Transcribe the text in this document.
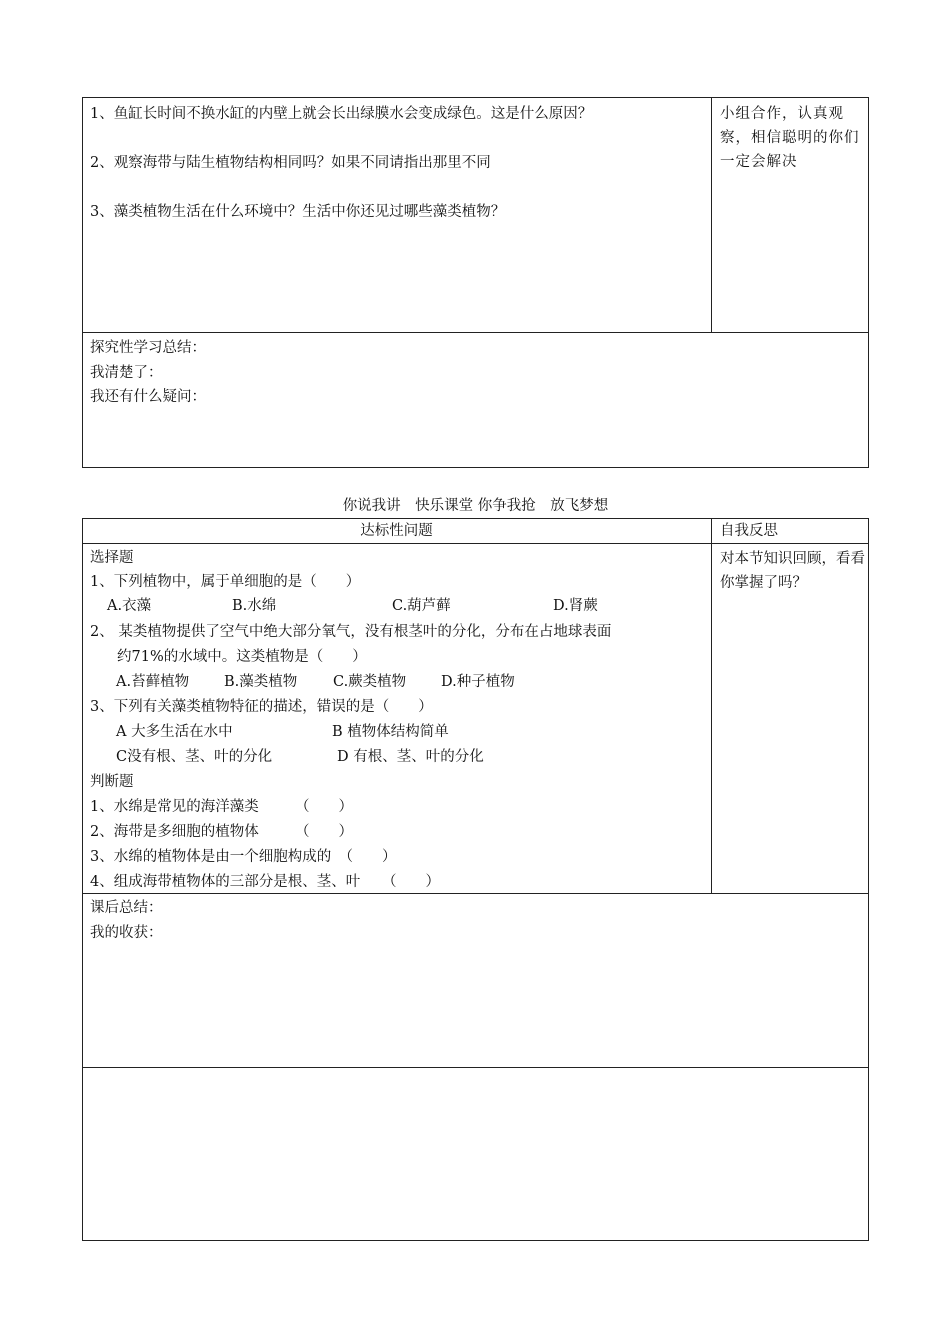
1、鱼缸长时间不换水缸的内壁上就会长出绿膜水会变成绿色。这是什么原因？
2、观察海带与陆生植物结构相同吗？如果不同请指出那里不同
3、藻类植物生活在什么环境中？生活中你还见过哪些藻类植物？
小组合作，认真观察，相信聪明的你们一定会解决
探究性学习总结：
我清楚了：
我还有什么疑问：
你说我讲　快乐课堂 你争我抢　放飞梦想
达标性问题	自我反思
选择题
1、下列植物中，属于单细胞的是（　　）
A.衣藻	B.水绵	C.葫芦藓	D.肾蕨
2、 某类植物提供了空气中绝大部分氧气，没有根茎叶的分化，分布在占地球表面
约71%的水域中。这类植物是（　　）
A.苔藓植物 B.藻类植物 C.蕨类植物 D.种子植物
3、下列有关藻类植物特征的描述，错误的是（　　）
A 大多生活在水中	B 植物体结构简单
C没有根、茎、叶的分化	D 有根、茎、叶的分化
判断题
1、水绵是常见的海洋藻类　　　（　　）
2、海带是多细胞的植物体　　　（　　）
3、水绵的植物体是由一个细胞构成的　（　　）
4、组成海带植物体的三部分是根、茎、叶　　（　　）
对本节知识回顾，看看你掌握了吗？
课后总结：
我的收获：
